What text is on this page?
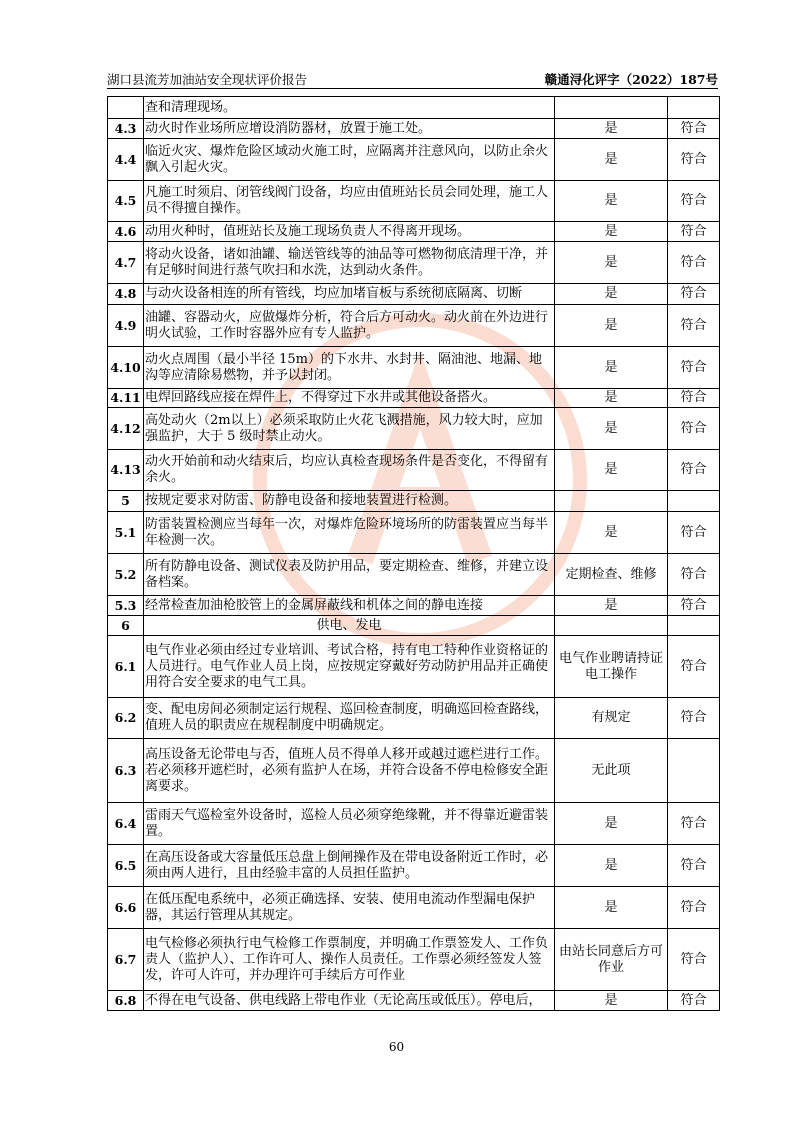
湖口县流芳加油站安全现状评价报告	赣通浔化评字（2022）187号
	查和清理现场。		
4.3	动火时作业场所应增设消防器材，放置于施工处。	是	符合
4.4	临近火灾、爆炸危险区域动火施工时，应隔离并注意风向，以防止余火飘入引起火灾。	是	符合
4.5	凡施工时须启、闭管线阀门设备，均应由值班站长员会同处理，施工人员不得擅自操作。	是	符合
4.6	动用火种时，值班站长及施工现场负责人不得离开现场。	是	符合
4.7	将动火设备，诸如油罐、输送管线等的油品等可燃物彻底清理干净，并有足够时间进行蒸气吹扫和水洗，达到动火条件。	是	符合
4.8	与动火设备相连的所有管线，均应加堵盲板与系统彻底隔离、切断	是	符合
4.9	油罐、容器动火，应做爆炸分析，符合后方可动火。动火前在外边进行明火试验，工作时容器外应有专人监护。	是	符合
4.10	动火点周围（最小半径 15m）的下水井、水封井、隔油池、地漏、地沟等应清除易燃物，并予以封闭。	是	符合
4.11	电焊回路线应接在焊件上，不得穿过下水井或其他设备搭火。	是	符合
4.12	高处动火（2m以上）必须采取防止火花飞溅措施，风力较大时，应加强监护，大于 5 级时禁止动火。	是	符合
4.13	动火开始前和动火结束后，均应认真检查现场条件是否变化，不得留有余火。	是	符合
5	按规定要求对防雷、防静电设备和接地装置进行检测。		
5.1	防雷装置检测应当每年一次，对爆炸危险环境场所的防雷装置应当每半年检测一次。	是	符合
5.2	所有防静电设备、测试仪表及防护用品，要定期检查、维修，并建立设备档案。	定期检查、维修	符合
5.3	经常检查加油枪胶管上的金属屏蔽线和机体之间的静电连接	是	符合
6	供电、发电		
6.1	电气作业必须由经过专业培训、考试合格，持有电工特种作业资格证的人员进行。电气作业人员上岗，应按规定穿戴好劳动防护用品并正确使用符合安全要求的电气工具。	电气作业聘请持证电工操作	符合
6.2	变、配电房间必须制定运行规程、巡回检查制度，明确巡回检查路线，值班人员的职责应在规程制度中明确规定。	有规定	符合
6.3	高压设备无论带电与否，值班人员不得单人移开或越过遮栏进行工作。若必须移开遮栏时，必须有监护人在场，并符合设备不停电检修安全距离要求。	无此项	
6.4	雷雨天气巡检室外设备时，巡检人员必须穿绝缘靴，并不得靠近避雷装置。	是	符合
6.5	在高压设备或大容量低压总盘上倒闸操作及在带电设备附近工作时，必须由两人进行，且由经验丰富的人员担任监护。	是	符合
6.6	在低压配电系统中，必须正确选择、安装、使用电流动作型漏电保护器，其运行管理从其规定。	是	符合
6.7	电气检修必须执行电气检修工作票制度，并明确工作票签发人、工作负责人（监护人）、工作许可人、操作人员责任。工作票必须经签发人签发，许可人许可，并办理许可手续后方可作业	由站长同意后方可作业	符合
6.8	不得在电气设备、供电线路上带电作业（无论高压或低压）。停电后，	是	符合
60
